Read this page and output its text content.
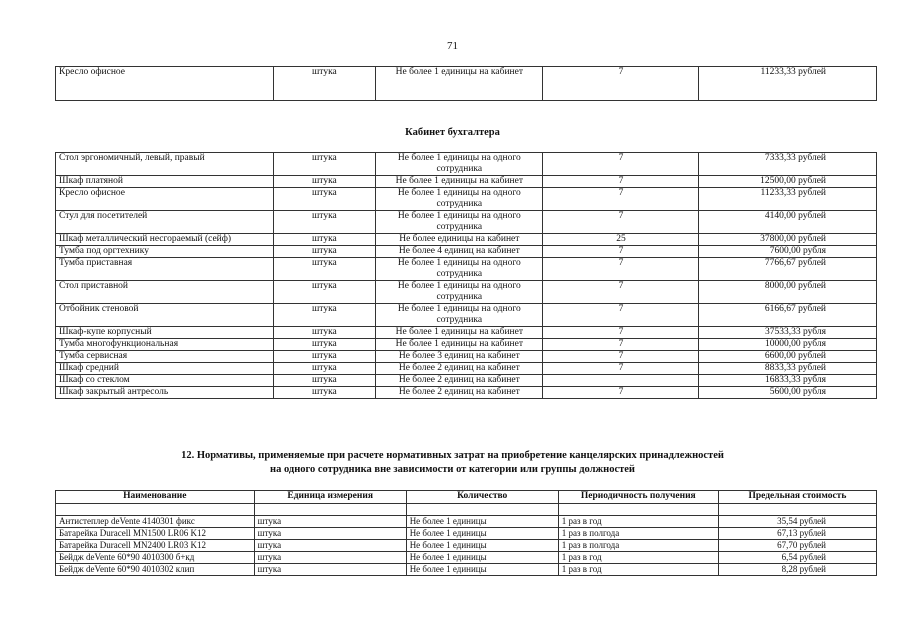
71
Кресло офисное	штука	Не более 1 единицы на кабинет	7	11233,33 рублей
Кабинет бухгалтера
Стол эргономичный, левый, правый	штука	Не более 1 единицы на одного сотрудника	7	7333,33 рублей
Шкаф платяной	штука	Не более 1 единицы на кабинет	7	12500,00 рублей
Кресло офисное	штука	Не более 1 единицы на одного сотрудника	7	11233,33 рублей
Стул для посетителей	штука	Не более 1 единицы на одного сотрудника	7	4140,00 рублей
Шкаф металлический несгораемый (сейф)	штука	Не более единицы на кабинет	25	37800,00 рублей
Тумба под оргтехнику	штука	Не более 4 единиц на кабинет	7	7600,00 рубля
Тумба приставная	штука	Не более 1 единицы на одного сотрудника	7	7766,67 рублей
Стол приставной	штука	Не более 1 единицы на одного сотрудника	7	8000,00 рублей
Отбойник стеновой	штука	Не более 1 единицы на одного сотрудника	7	6166,67 рублей
Шкаф-купе корпусный	штука	Не более 1 единицы на кабинет	7	37533,33 рубля
Тумба многофункциональная	штука	Не более 1 единицы на кабинет	7	10000,00 рубля
Тумба сервисная	штука	Не более 3 единиц на кабинет	7	6600,00 рублей
Шкаф средний	штука	Не более 2 единиц на кабинет	7	8833,33 рублей
Шкаф со стеклом	штука	Не более 2 единиц на кабинет		16833,33 рубля
Шкаф закрытый антресоль	штука	Не более 2 единиц на кабинет	7	5600,00 рубля
12. Нормативы, применяемые при расчете нормативных затрат на приобретение канцелярских принадлежностей
на одного сотрудника вне зависимости от категории или группы должностей
Наименование	Единица измерения	Количество	Периодичность получения	Предельная стоимость

Антистеплер deVente 4140301 фикс	штука	Не более 1 единицы	1 раз в год	35,54 рублей
Батарейка Duracell MN1500 LR06 K12	штука	Не более 1 единицы	1 раз в полгода	67,13 рублей
Батарейка Duracell MN2400 LR03 K12	штука	Не более 1 единицы	1 раз в полгода	67,70 рублей
Бейдж deVente 60*90 4010300 б+кд	штука	Не более 1 единицы	1 раз в год	6,54 рублей
Бейдж deVente 60*90 4010302 клип	штука	Не более 1 единицы	1 раз в год	8,28 рублей
